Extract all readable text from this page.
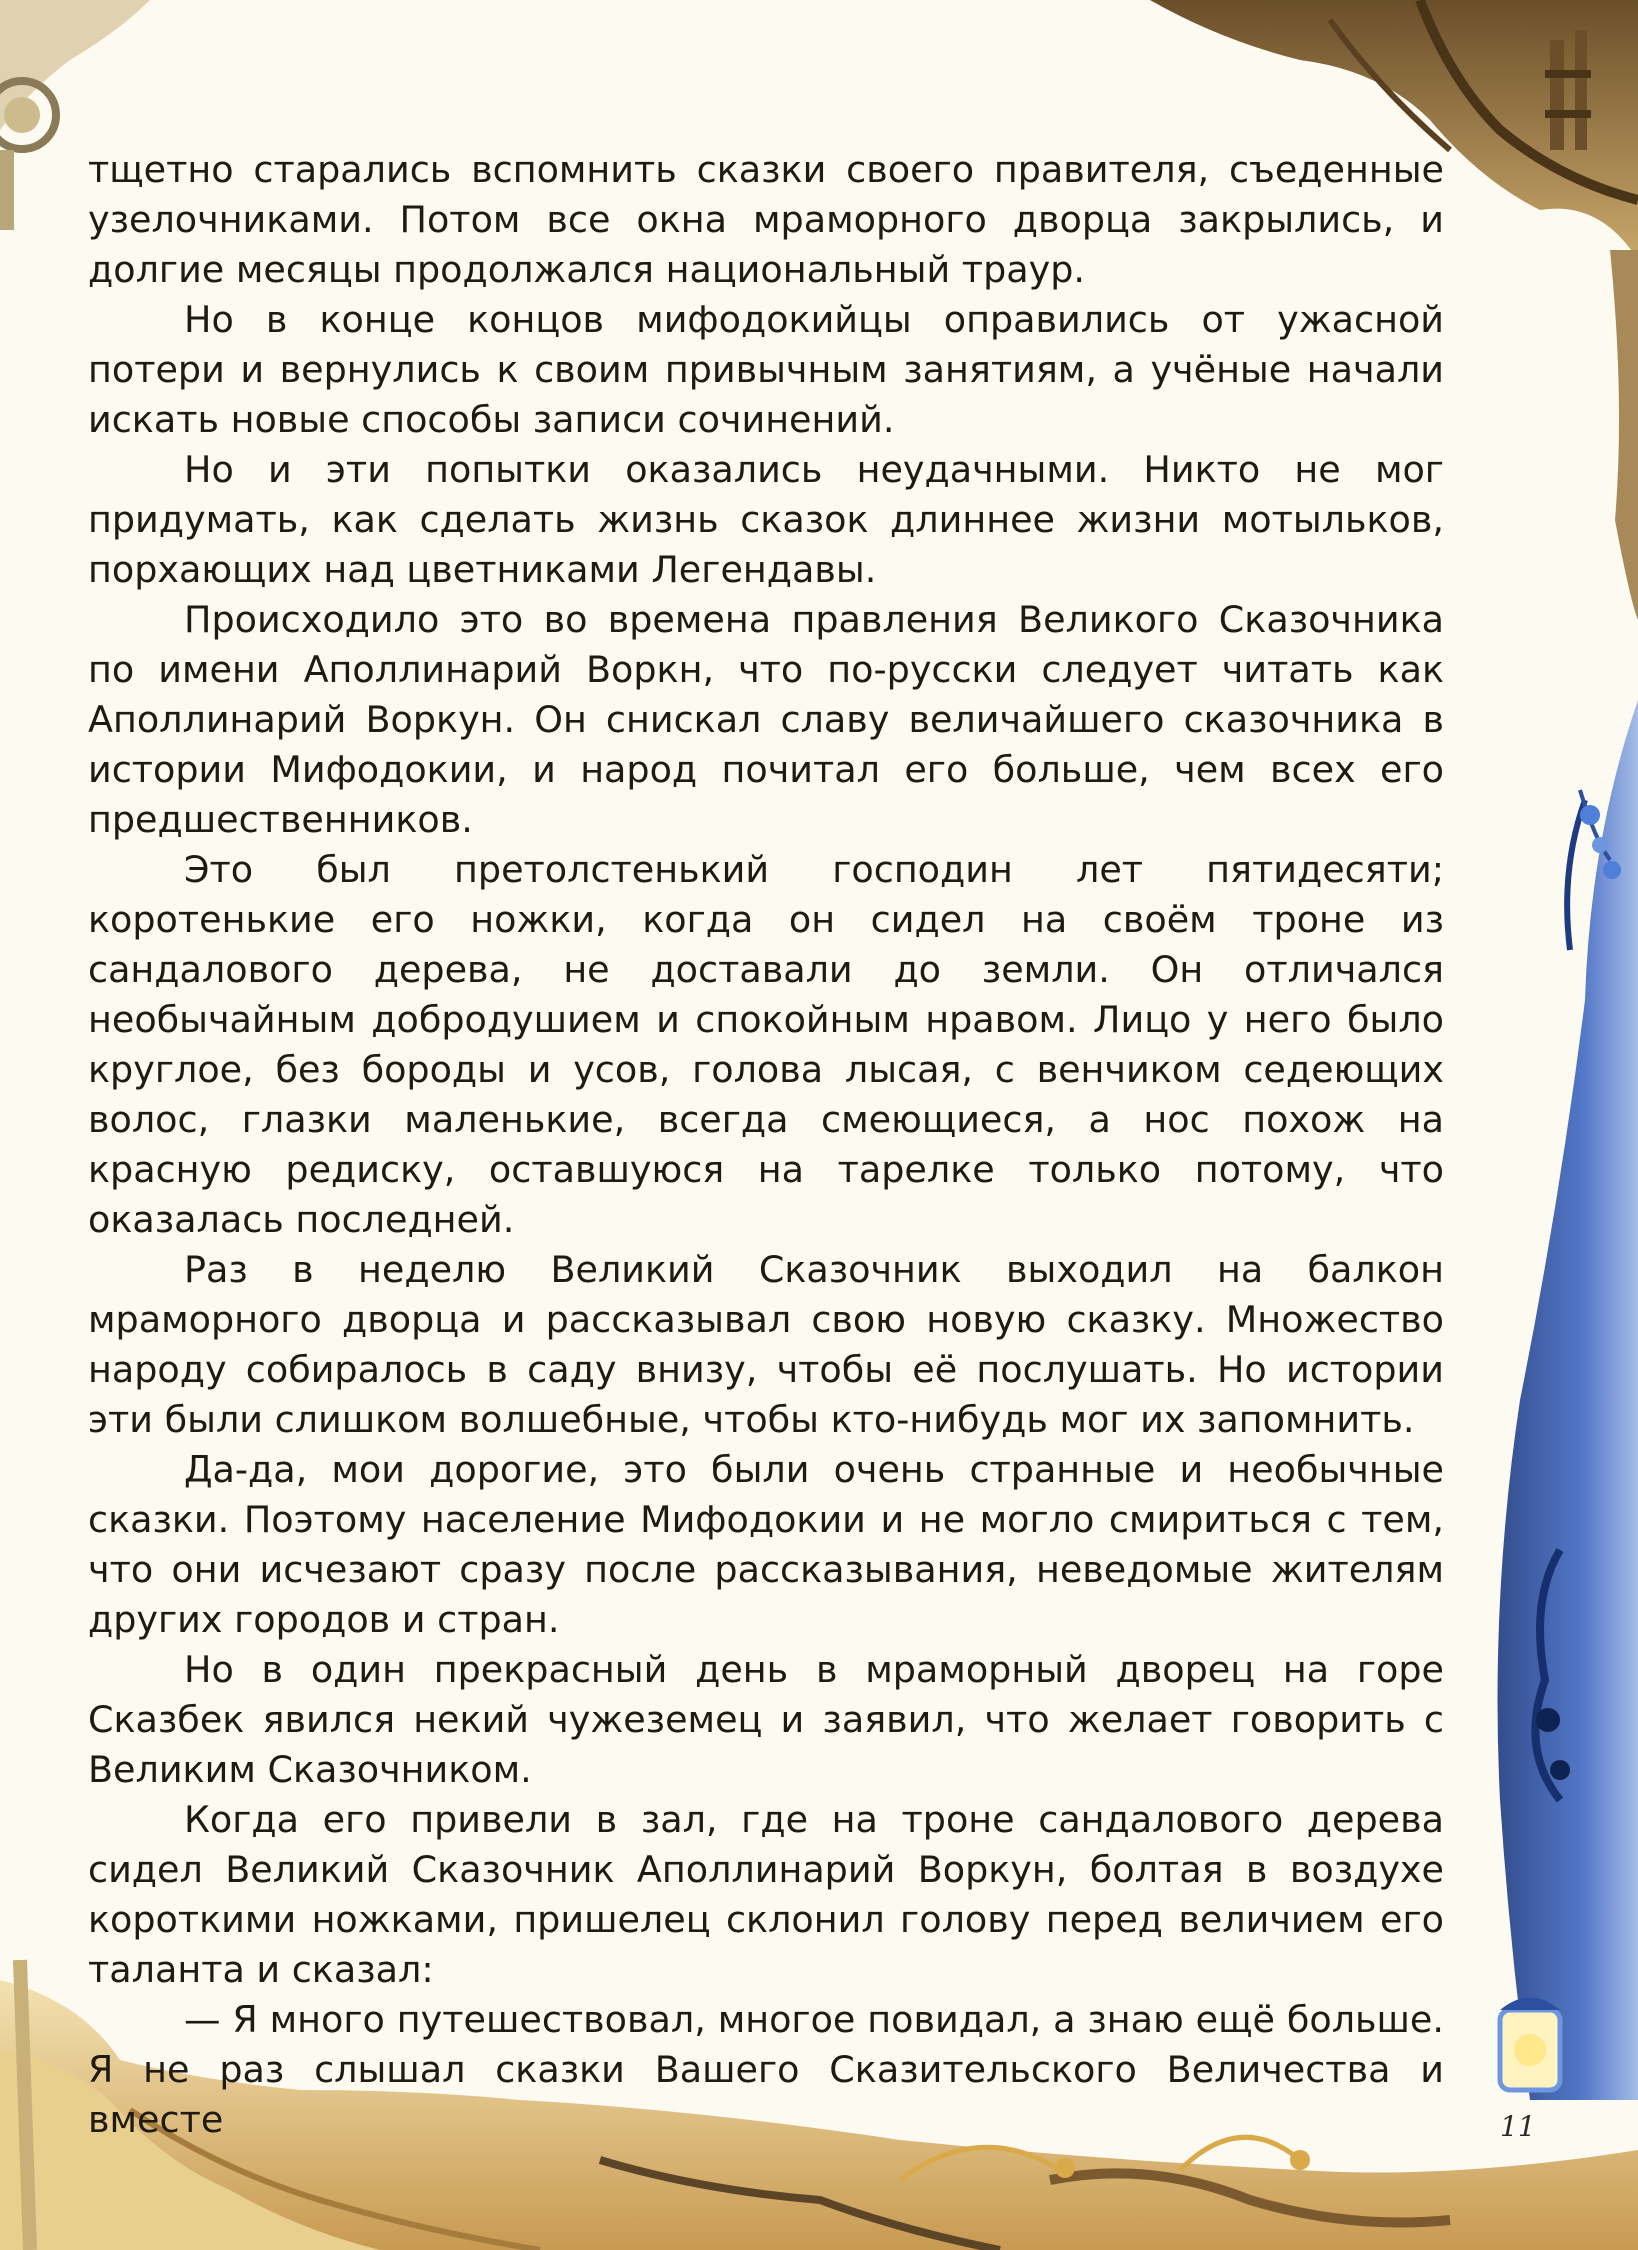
тщетно старались вспомнить сказки своего правителя, съеденные узелочниками. Потом все окна мраморного дворца закрылись, и долгие месяцы продолжался национальный траур.

Но в конце концов мифодокийцы оправились от ужасной потери и вернулись к своим привычным занятиям, а учёные начали искать новые способы записи сочинений.

Но и эти попытки оказались неудачными. Никто не мог придумать, как сделать жизнь сказок длиннее жизни мотыльков, порхающих над цветниками Легендавы.

Происходило это во времена правления Великого Сказочника по имени Аполлинарий Воркн, что по-русски следует читать как Аполлинарий Воркун. Он снискал славу величайшего сказочника в истории Мифодокии, и народ почитал его больше, чем всех его предшественников.

Это был претолстенький господин лет пятидесяти; коротенькие его ножки, когда он сидел на своём троне из сандалового дерева, не доставали до земли. Он отличался необычайным добродушием и спокойным нравом. Лицо у него было круглое, без бороды и усов, голова лысая, с венчиком седеющих волос, глазки маленькие, всегда смеющиеся, а нос похож на красную редиску, оставшуюся на тарелке только потому, что оказалась последней.

Раз в неделю Великий Сказочник выходил на балкон мраморного дворца и рассказывал свою новую сказку. Множество народу собиралось в саду внизу, чтобы её послушать. Но истории эти были слишком волшебные, чтобы кто-нибудь мог их запомнить.

Да-да, мои дорогие, это были очень странные и необычные сказки. Поэтому население Мифодокии и не могло смириться с тем, что они исчезают сразу после рассказывания, неведомые жителям других городов и стран.

Но в один прекрасный день в мраморный дворец на горе Сказбек явился некий чужеземец и заявил, что желает говорить с Великим Сказочником.

Когда его привели в зал, где на троне сандалового дерева сидел Великий Сказочник Аполлинарий Воркун, болтая в воздухе короткими ножками, пришелец склонил голову перед величием его таланта и сказал:

— Я много путешествовал, многое повидал, а знаю ещё больше. Я не раз слышал сказки Вашего Сказительского Величества и вместе	11
